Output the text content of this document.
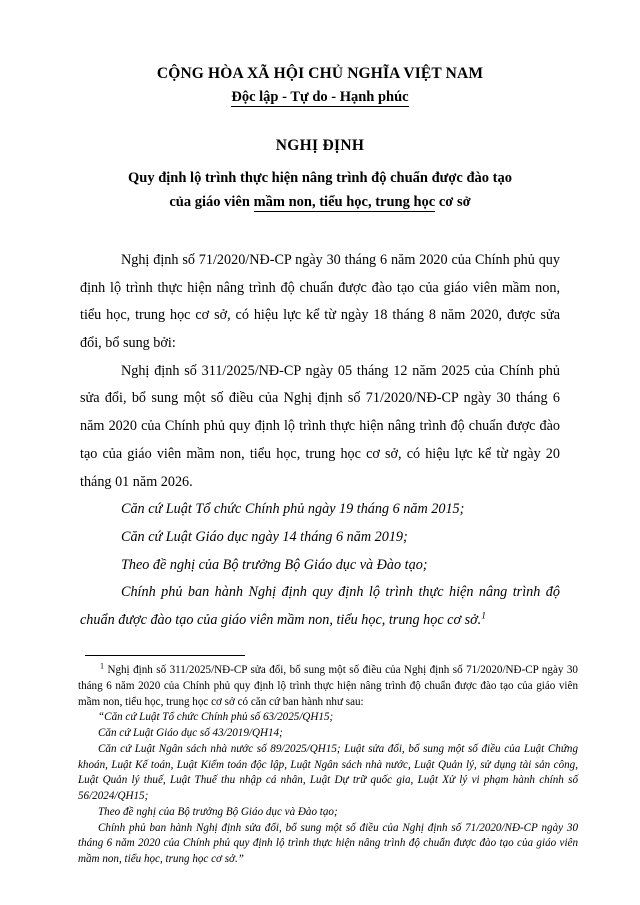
CỘNG HÒA XÃ HỘI CHỦ NGHĨA VIỆT NAM
Độc lập - Tự do - Hạnh phúc
NGHỊ ĐỊNH
Quy định lộ trình thực hiện nâng trình độ chuẩn được đào tạo
của giáo viên mầm non, tiểu học, trung học cơ sở

Nghị định số 71/2020/NĐ-CP ngày 30 tháng 6 năm 2020 của Chính phủ quy định lộ trình thực hiện nâng trình độ chuẩn được đào tạo của giáo viên mầm non, tiểu học, trung học cơ sở, có hiệu lực kể từ ngày 18 tháng 8 năm 2020, được sửa đổi, bổ sung bởi:

Nghị định số 311/2025/NĐ-CP ngày 05 tháng 12 năm 2025 của Chính phủ sửa đổi, bổ sung một số điều của Nghị định số 71/2020/NĐ-CP ngày 30 tháng 6 năm 2020 của Chính phủ quy định lộ trình thực hiện nâng trình độ chuẩn được đào tạo của giáo viên mầm non, tiểu học, trung học cơ sở, có hiệu lực kể từ ngày 20 tháng 01 năm 2026.

Căn cứ Luật Tổ chức Chính phủ ngày 19 tháng 6 năm 2015;

Căn cứ Luật Giáo dục ngày 14 tháng 6 năm 2019;

Theo đề nghị của Bộ trưởng Bộ Giáo dục và Đào tạo;

Chính phủ ban hành Nghị định quy định lộ trình thực hiện nâng trình độ chuẩn được đào tạo của giáo viên mầm non, tiểu học, trung học cơ sở.$^1$

$^1$ Nghị định số 311/2025/NĐ-CP sửa đổi, bổ sung một số điều của Nghị định số 71/2020/NĐ-CP ngày 30 tháng 6 năm 2020 của Chính phủ quy định lộ trình thực hiện nâng trình độ chuẩn được đào tạo của giáo viên mầm non, tiểu học, trung học cơ sở có căn cứ ban hành như sau:

“Căn cứ Luật Tổ chức Chính phủ số 63/2025/QH15;

Căn cứ Luật Giáo dục số 43/2019/QH14;

Căn cứ Luật Ngân sách nhà nước số 89/2025/QH15; Luật sửa đổi, bổ sung một số điều của Luật Chứng khoán, Luật Kế toán, Luật Kiểm toán độc lập, Luật Ngân sách nhà nước, Luật Quản lý, sử dụng tài sản công, Luật Quản lý thuế, Luật Thuế thu nhập cá nhân, Luật Dự trữ quốc gia, Luật Xử lý vi phạm hành chính số 56/2024/QH15;

Theo đề nghị của Bộ trưởng Bộ Giáo dục và Đào tạo;

Chính phủ ban hành Nghị định sửa đổi, bổ sung một số điều của Nghị định số 71/2020/NĐ-CP ngày 30 tháng 6 năm 2020 của Chính phủ quy định lộ trình thực hiện nâng trình độ chuẩn được đào tạo của giáo viên mầm non, tiểu học, trung học cơ sở.”
